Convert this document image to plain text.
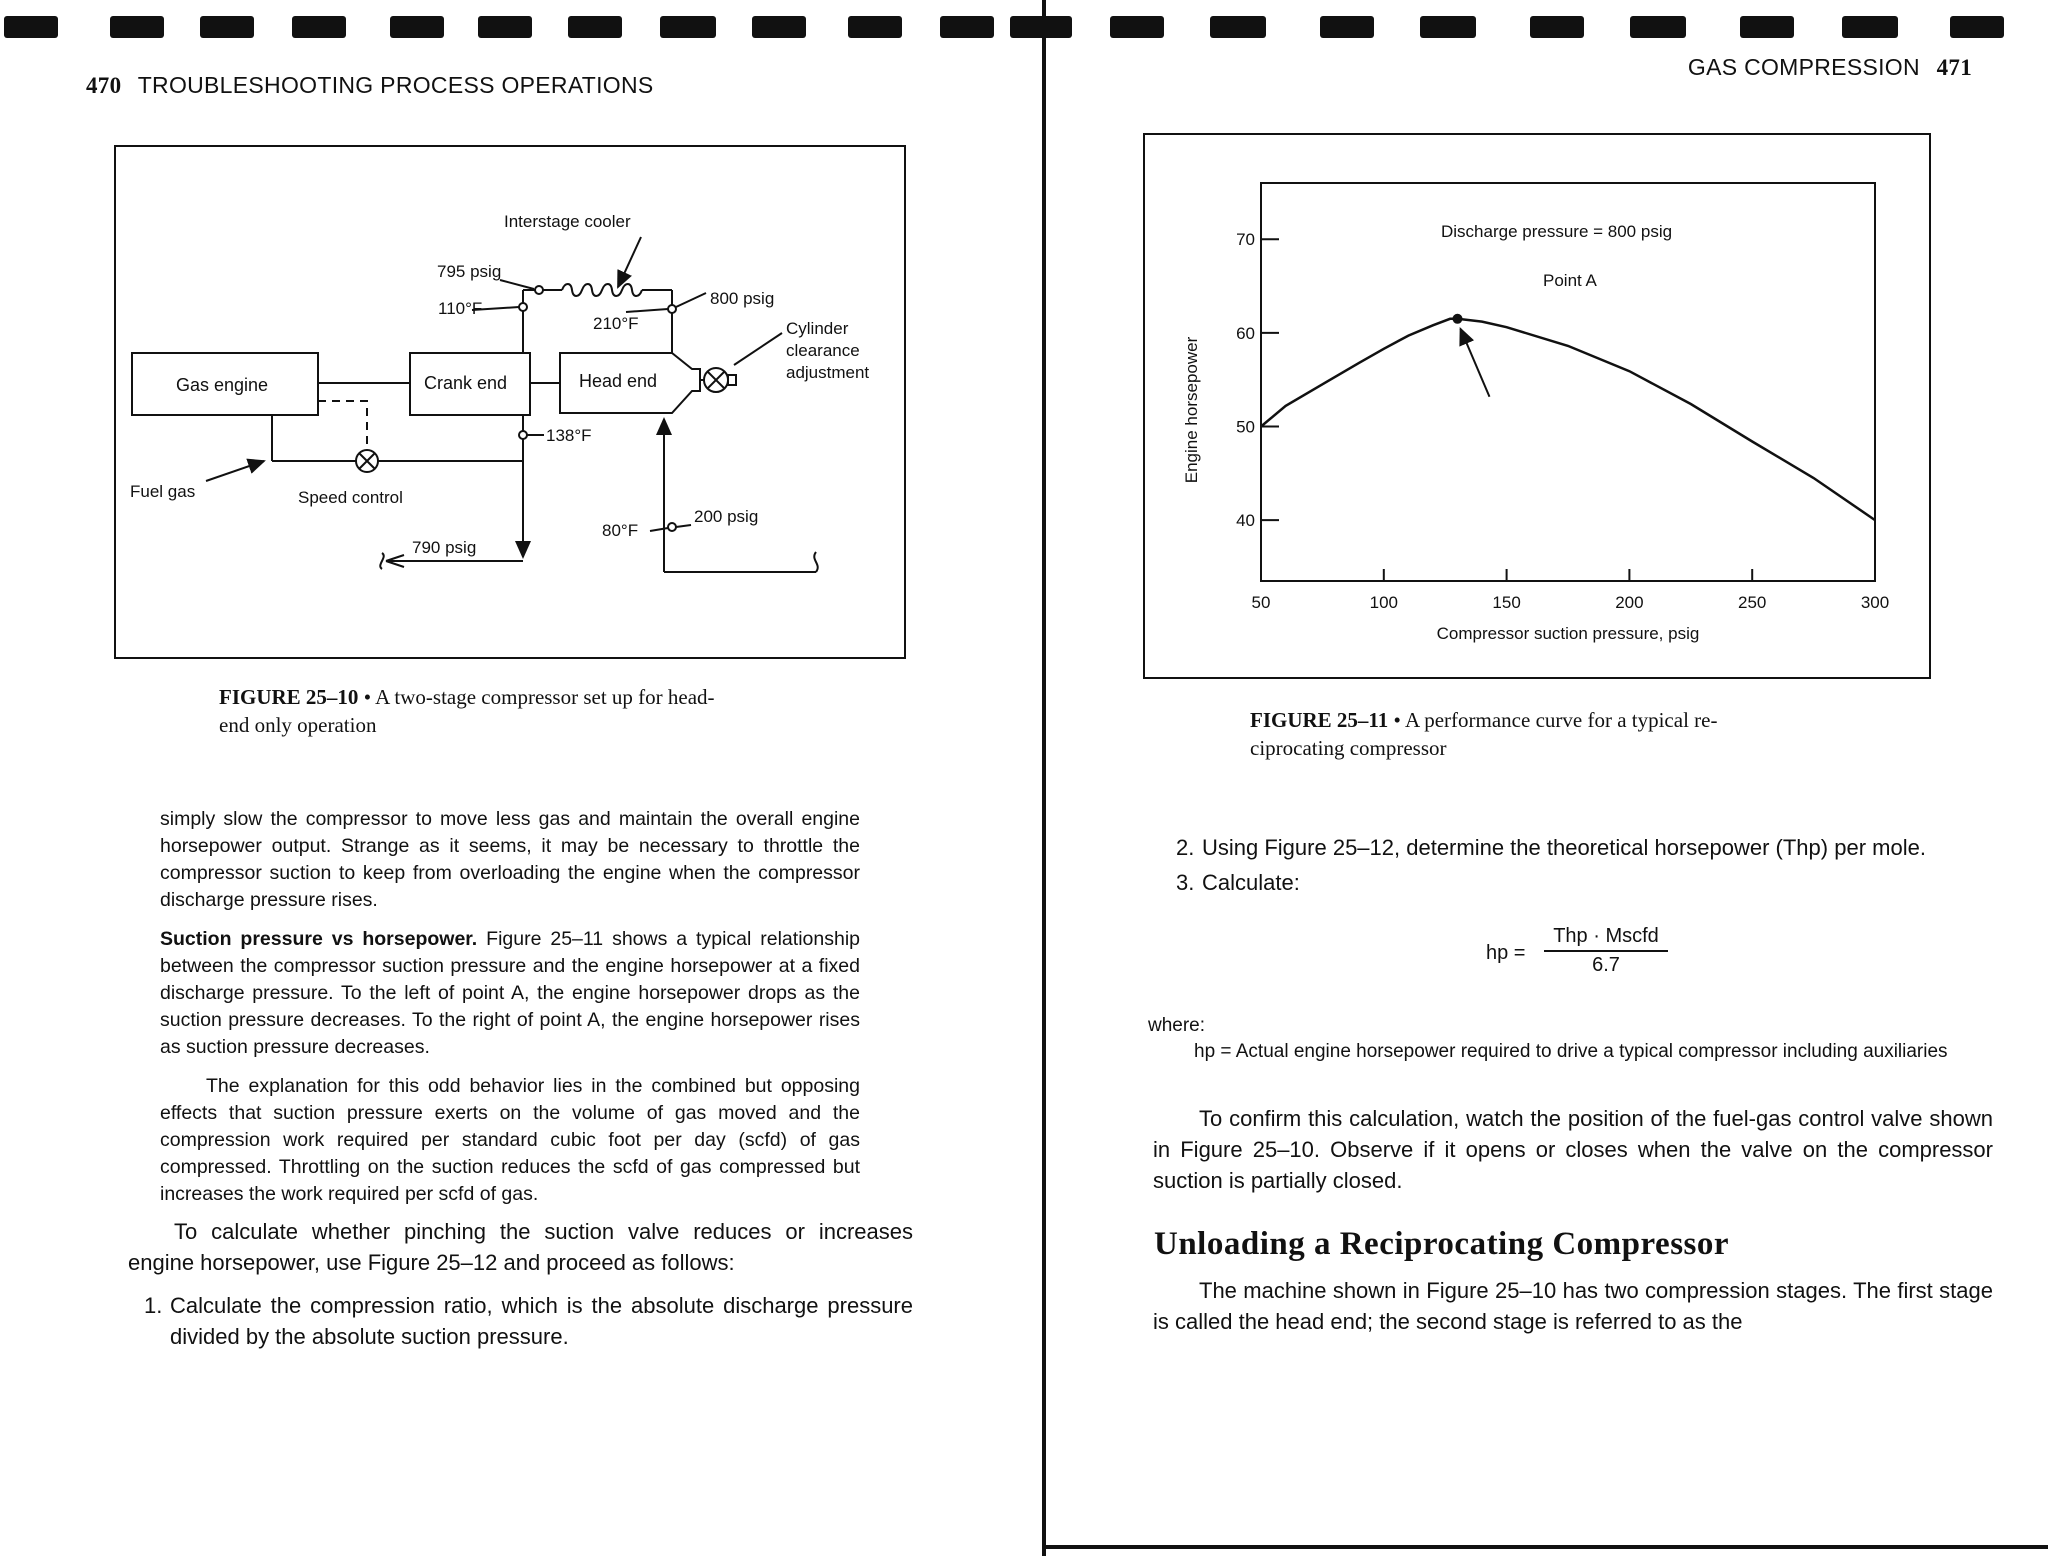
470 TROUBLESHOOTING PROCESS OPERATIONS
Interstage cooler
795 psig
110°F
210°F
800 psig
Cylinder
clearance
adjustment
Gas engine	Crank end	Head end
138°F
Fuel gas	Speed control
80°F
200 psig
790 psig
FIGURE 25–10 • A two-stage compressor set up for head-
end only operation

simply slow the compressor to move less gas and maintain the overall engine horsepower output. Strange as it seems, it may be necessary to throttle the compressor suction to keep from overloading the engine when the compressor discharge pressure rises.

Suction pressure vs horsepower. Figure 25–11 shows a typical relationship between the compressor suction pressure and the engine horsepower at a fixed discharge pressure. To the left of point A, the engine horsepower drops as the suction pressure decreases. To the right of point A, the engine horsepower rises as suction pressure decreases.

The explanation for this odd behavior lies in the combined but opposing effects that suction pressure exerts on the volume of gas moved and the compression work required per standard cubic foot per day (scfd) of gas compressed. Throttling on the suction reduces the scfd of gas compressed but increases the work required per scfd of gas.

To calculate whether pinching the suction valve reduces or increases engine horsepower, use Figure 25–12 and proceed as follows:

1. Calculate the compression ratio, which is the absolute discharge pressure divided by the absolute suction pressure.
GAS COMPRESSION 471
50	100	150	200	250	300
40
50
60
70
Point A
Discharge pressure = 800 psig
Compressor suction pressure, psig
Engine horsepower
FIGURE 25–11 • A performance curve for a typical re-
ciprocating compressor
2. Using Figure 25–12, determine the theoretical horsepower (Thp) per mole.
3. Calculate:
hp =
Thp · Mscfd
6.7
where:
hp = Actual engine horsepower required to drive a typical compressor including auxiliaries

To confirm this calculation, watch the position of the fuel-gas control valve shown in Figure 25–10. Observe if it opens or closes when the valve on the compressor suction is partially closed.

Unloading a Reciprocating Compressor

The machine shown in Figure 25–10 has two compression stages. The first stage is called the head end; the second stage is referred to as the
